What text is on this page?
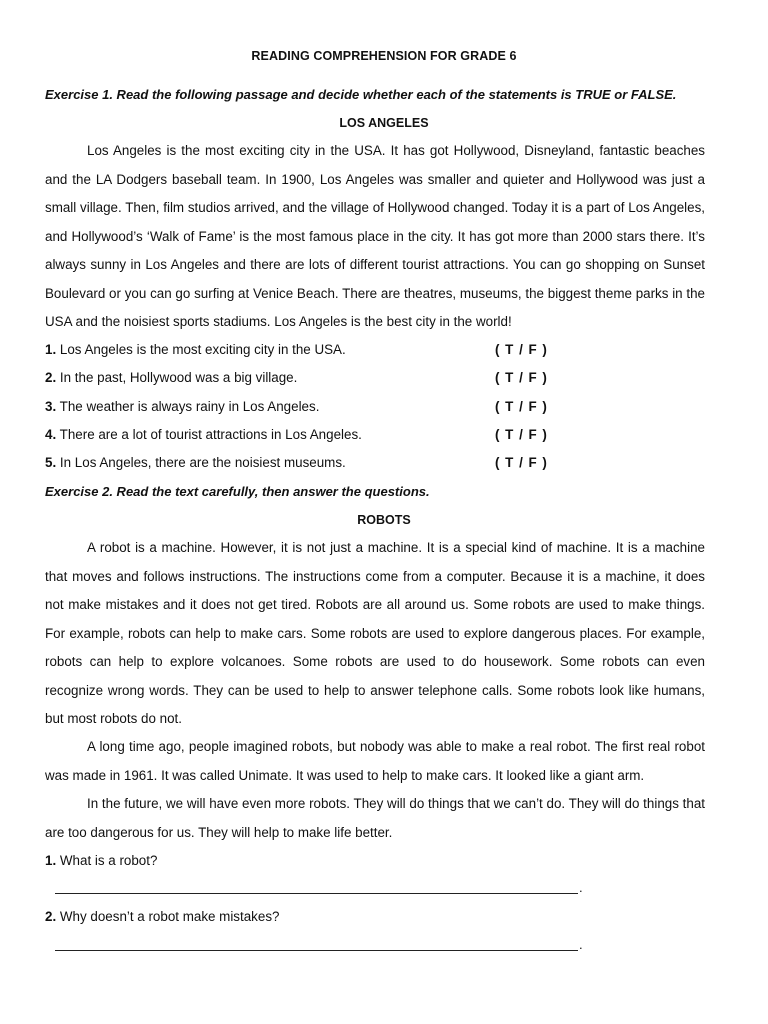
READING COMPREHENSION FOR GRADE 6
Exercise 1. Read the following passage and decide whether each of the statements is TRUE or FALSE.
LOS ANGELES

Los Angeles is the most exciting city in the USA. It has got Hollywood, Disneyland, fantastic beaches and the LA Dodgers baseball team. In 1900, Los Angeles was smaller and quieter and Hollywood was just a small village. Then, film studios arrived, and the village of Hollywood changed. Today it is a part of Los Angeles, and Hollywood’s ‘Walk of Fame’ is the most famous place in the city. It has got more than 2000 stars there. It’s always sunny in Los Angeles and there are lots of different tourist attractions. You can go shopping on Sunset Boulevard or you can go surfing at Venice Beach. There are theatres, museums, the biggest theme parks in the USA and the noisiest sports stadiums. Los Angeles is the best city in the world!

1. Los Angeles is the most exciting city in the USA.	( T / F )
2. In the past, Hollywood was a big village.	( T / F )
3. The weather is always rainy in Los Angeles.	( T / F )
4. There are a lot of tourist attractions in Los Angeles.	( T / F )
5. In Los Angeles, there are the noisiest museums.	( T / F )
Exercise 2. Read the text carefully, then answer the questions.
ROBOTS

A robot is a machine. However, it is not just a machine. It is a special kind of machine. It is a machine that moves and follows instructions. The instructions come from a computer. Because it is a machine, it does not make mistakes and it does not get tired. Robots are all around us. Some robots are used to make things. For example, robots can help to make cars. Some robots are used to explore dangerous places. For example, robots can help to explore volcanoes. Some robots are used to do housework. Some robots can even recognize wrong words. They can be used to help to answer telephone calls. Some robots look like humans, but most robots do not.

A long time ago, people imagined robots, but nobody was able to make a real robot. The first real robot was made in 1961. It was called Unimate. It was used to help to make cars. It looked like a giant arm.

In the future, we will have even more robots. They will do things that we can’t do. They will do things that are too dangerous for us. They will help to make life better.

1. What is a robot?
.
2. Why doesn’t a robot make mistakes?
.
